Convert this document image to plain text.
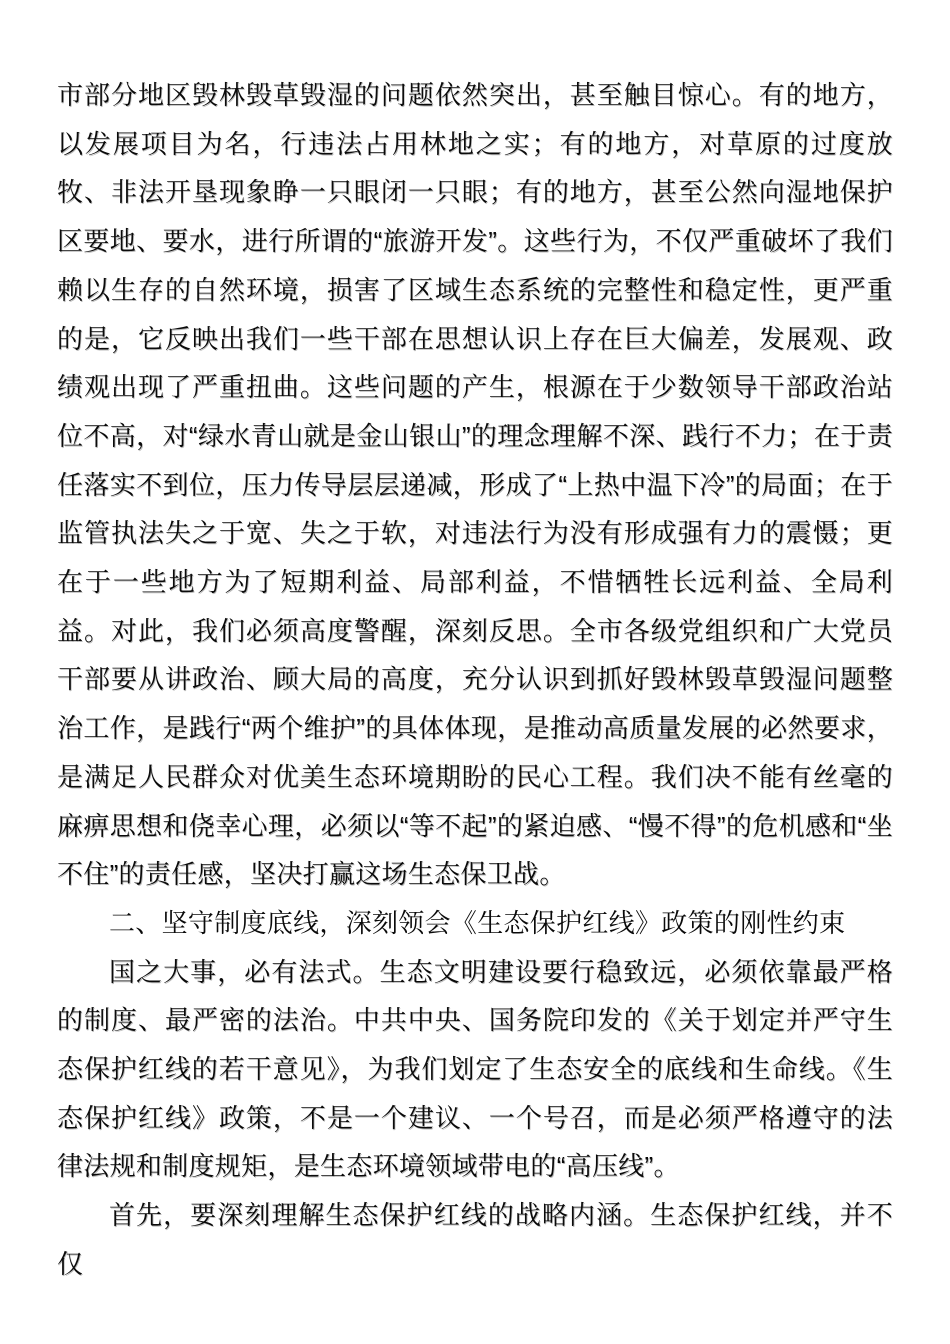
市部分地区毁林毁草毁湿的问题依然突出，甚至触目惊心。有的地方，以发展项目为名，行违法占用林地之实；有的地方，对草原的过度放牧、非法开垦现象睁一只眼闭一只眼；有的地方，甚至公然向湿地保护区要地、要水，进行所谓的“旅游开发”。这些行为，不仅严重破坏了我们赖以生存的自然环境，损害了区域生态系统的完整性和稳定性，更严重的是，它反映出我们一些干部在思想认识上存在巨大偏差，发展观、政绩观出现了严重扭曲。这些问题的产生，根源在于少数领导干部政治站位不高，对“绿水青山就是金山银山”的理念理解不深、践行不力；在于责任落实不到位，压力传导层层递减，形成了“上热中温下冷”的局面；在于监管执法失之于宽、失之于软，对违法行为没有形成强有力的震慑；更在于一些地方为了短期利益、局部利益，不惜牺牲长远利益、全局利益。对此，我们必须高度警醒，深刻反思。全市各级党组织和广大党员干部要从讲政治、顾大局的高度，充分认识到抓好毁林毁草毁湿问题整治工作，是践行“两个维护”的具体体现，是推动高质量发展的必然要求，是满足人民群众对优美生态环境期盼的民心工程。我们决不能有丝毫的麻痹思想和侥幸心理，必须以“等不起”的紧迫感、“慢不得”的危机感和“坐不住”的责任感，坚决打赢这场生态保卫战。

二、坚守制度底线，深刻领会《生态保护红线》政策的刚性约束

国之大事，必有法式。生态文明建设要行稳致远，必须依靠最严格的制度、最严密的法治。中共中央、国务院印发的《关于划定并严守生态保护红线的若干意见》，为我们划定了生态安全的底线和生命线。《生态保护红线》政策，不是一个建议、一个号召，而是必须严格遵守的法律法规和制度规矩，是生态环境领域带电的“高压线”。

首先，要深刻理解生态保护红线的战略内涵。生态保护红线，并不仅
